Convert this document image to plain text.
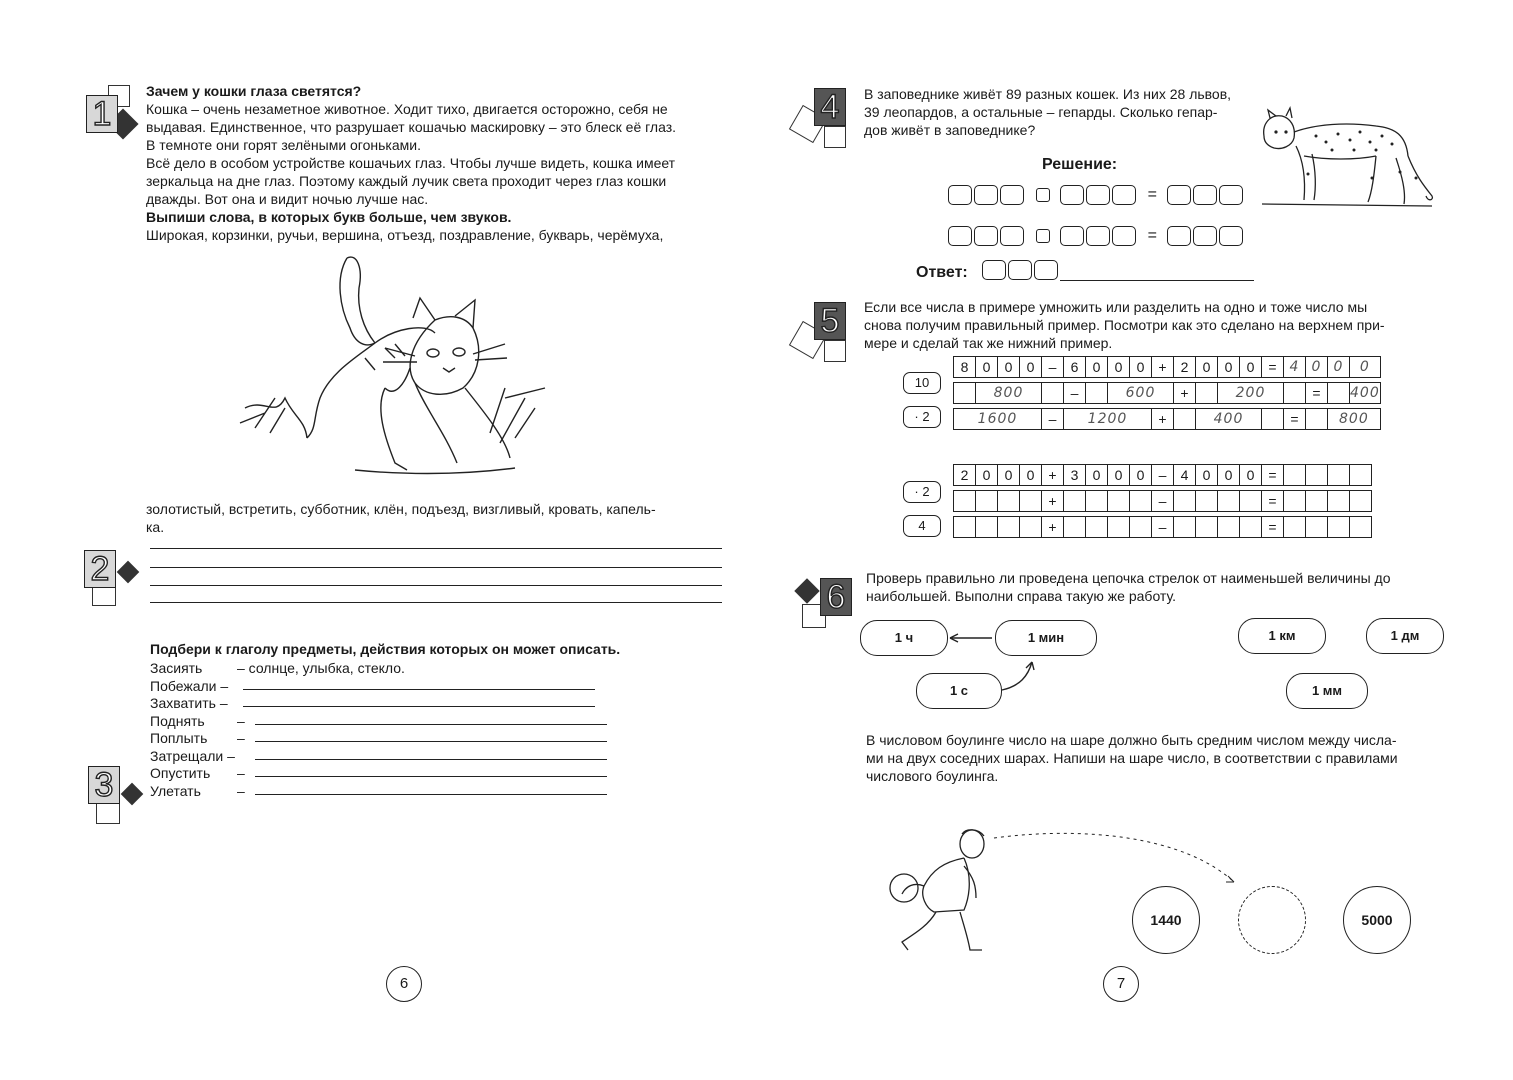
1
Зачем у кошки глаза светятся?
Кошка – очень незаметное животное. Ходит тихо, двигается осторожно, себя не
выдавая. Единственное, что разрушает кошачью маскировку – это блеск её глаз.
В темноте они горят зелёными огоньками.
Всё дело в особом устройстве кошачьих глаз. Чтобы лучше видеть, кошка имеет
зеркальца на дне глаз. Поэтому каждый лучик света проходит через глаз кошки
дважды. Вот она и видит ночью лучше нас.
Выпиши слова, в которых букв больше, чем звуков.
Широкая, корзинки, ручьи, вершина, отъезд, поздравление, букварь, черёмуха,
золотистый, встретить, субботник, клён, подъезд, визгливый, кровать, капель-
ка.
2
Подбери к глаголу предметы, действия которых он может описать.
Засиять – солнце, улыбка, стекло.
Побежали –
Захватить –
Поднять –
Поплыть –
Затрещали –
Опустить –
Улетать	–
3
6
4	В заповеднике живёт 89 разных кошек. Из них 28 львов,
39 леопардов, а остальные – гепарды. Сколько гепар-
дов живёт в заповеднике?
Решение:
=
=
Ответ:
5	Если все числа в примере умножить или разделить на одно и тоже число мы
снова получим правильный пример. Посмотри как это сделано на верхнем при-
мере и сделай так же нижний пример.
10
· 2
8	0	0	0	–	6	0	0	0	+	2	0	0	0	=	4	0	0	0

	800				–		600			+		200				=		400

1600				–	1200				+		400				=		800	
· 2
4
2	0	0	0	+	3	0	0	0	–	4	0	0	0	=				

				+					–					=				

				+					–					=				
6	Проверь правильно ли проведена цепочка стрелок от наименьшей величины до
наибольшей. Выполни справа такую же работу.
1 ч	1 мин
1 с
1 км	1 дм
1 мм
В числовом боулинге число на шаре должно быть средним числом между числа-
ми на двух соседних шарах. Напиши на шаре число, в соответствии с правилами
числового боулинга.
1440	5000
7
